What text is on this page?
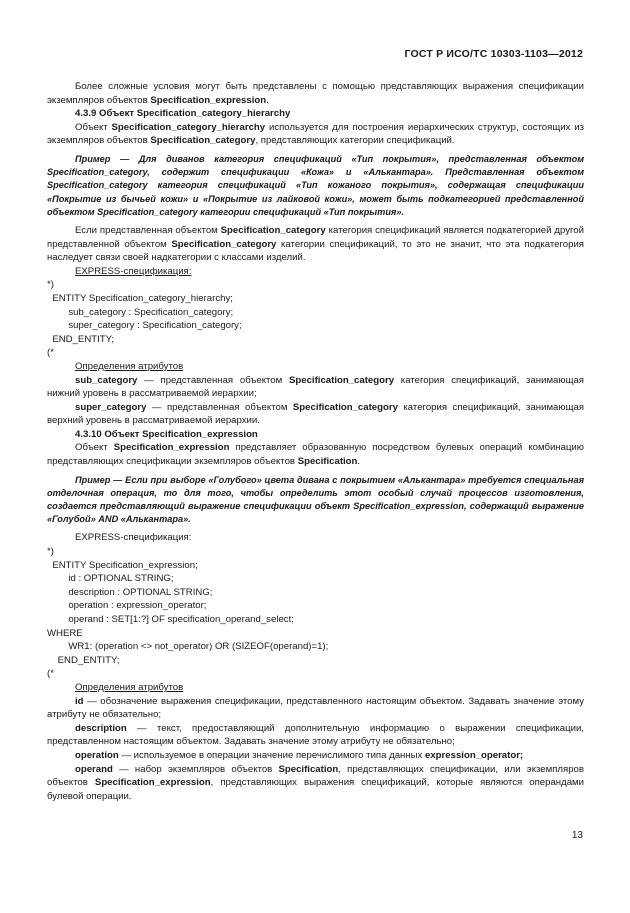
ГОСТ Р ИСО/ТС 10303-1103—2012

Более сложные условия могут быть представлены с помощью представляющих выражения спецификации экземпляров объектов Specification_expression.

4.3.9 Объект Specification_category_hierarchy

Объект Specification_category_hierarchy используется для построения иерархических структур, состоящих из экземпляров объектов Specification_category, представляющих категории спецификаций.

Пример — Для диванов категория спецификаций «Тип покрытия», представленная объектом Specification_category, содержит спецификации «Кожа» и «Алькантара». Представленная объектом Specification_category категория спецификаций «Тип кожаного покрытия», содержащая спецификации «Покрытие из бычьей кожи» и «Покрытие из лайковой кожи», может быть подкатегорией представленной объектом Specification_category категории спецификаций «Тип покрытия».

Если представленная объектом Specification_category категория спецификаций является подкатегорией другой представленной объектом Specification_category категории спецификаций, то это не значит, что эта подкатегория наследует связи своей надкатегории с классами изделий.

EXPRESS-спецификация:

*)
ENTITY Specification_category_hierarchy;
sub_category : Specification_category;
super_category : Specification_category;
END_ENTITY;
(*

Определения атрибутов

sub_category — представленная объектом Specification_category категория спецификаций, занимающая нижний уровень в рассматриваемой иерархии;

super_category — представленная объектом Specification_category категория спецификаций, занимающая верхний уровень в рассматриваемой иерархии.

4.3.10 Объект Specification_expression

Объект Specification_expression представляет образованную посредством булевых операций комбинацию представляющих спецификации экземпляров объектов Specification.

Пример — Если при выборе «Голубого» цвета дивана с покрытием «Алькантара» требуется специальная отделочная операция, то для того, чтобы определить этот особый случай процессов изготовления, создается представляющий выражение спецификации объект Specification_expression, содержащий выражение «Голубой» AND «Алькантара».

EXPRESS-спецификация:

*)
ENTITY Specification_expression;
id : OPTIONAL STRING;
description : OPTIONAL STRING;
operation : expression_operator;
operand : SET[1:?] OF specification_operand_select;
WHERE
WR1: (operation <> not_operator) OR (SIZEOF(operand)=1);
END_ENTITY;
(*

Определения атрибутов

id — обозначение выражения спецификации, представленного настоящим объектом. Задавать значение этому атрибуту не обязательно;

description — текст, предоставляющий дополнительную информацию о выражении спецификации, представленном настоящим объектом. Задавать значение этому атрибуту не обязательно;

operation — используемое в операции значение перечислимого типа данных expression_operator;

operand — набор экземпляров объектов Specification, представляющих спецификации, или экземпляров объектов Specification_expression, представляющих выражения спецификаций, которые являются операндами булевой операции.

13
